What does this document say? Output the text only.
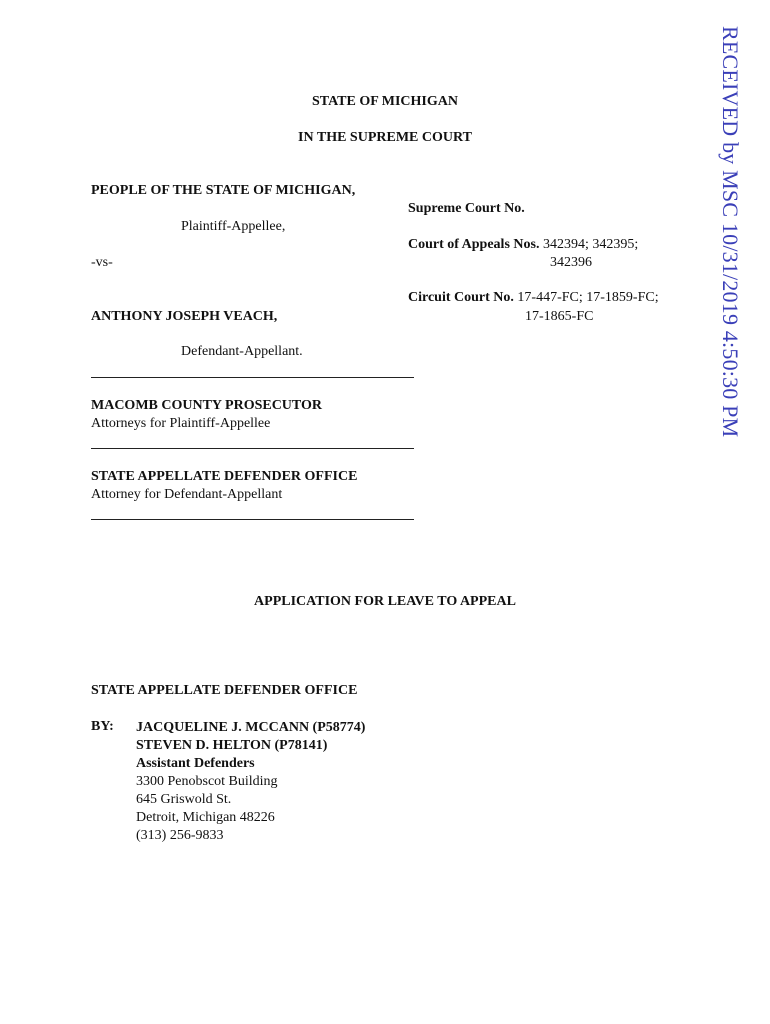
RECEIVED by MSC 10/31/2019 4:50:30 PM
STATE OF MICHIGAN
IN THE SUPREME COURT
PEOPLE OF THE STATE OF MICHIGAN,
Plaintiff-Appellee,
-vs-
ANTHONY JOSEPH VEACH,
Defendant-Appellant.
Supreme Court No.
Court of Appeals Nos. 342394; 342395;
342396
Circuit Court No. 17-447-FC; 17-1859-FC;
17-1865-FC
MACOMB COUNTY PROSECUTOR
Attorneys for Plaintiff-Appellee
STATE APPELLATE DEFENDER OFFICE
Attorney for Defendant-Appellant
APPLICATION FOR LEAVE TO APPEAL
STATE APPELLATE DEFENDER OFFICE
BY: JACQUELINE J. MCCANN (P58774)
STEVEN D. HELTON (P78141)
Assistant Defenders
3300 Penobscot Building
645 Griswold St.
Detroit, Michigan 48226
(313) 256-9833
